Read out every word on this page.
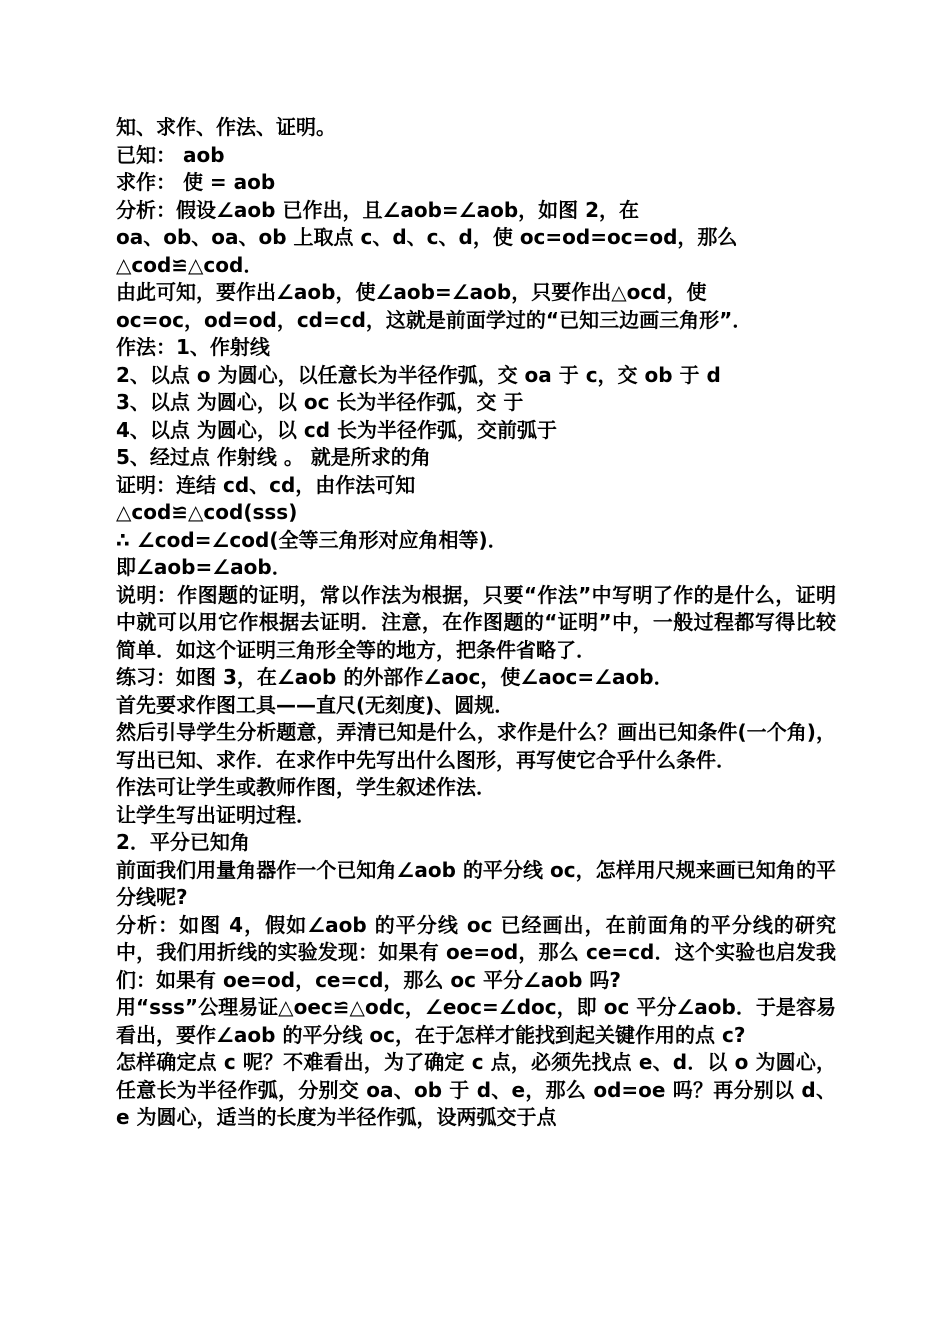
知、求作、作法、证明。
已知： aob
求作： 使 = aob
分析：假设∠aob 已作出，且∠aob=∠aob，如图 2，在
oa、ob、oa、ob 上取点 c、d、c、d，使 oc=od=oc=od，那么
△cod≌△cod．
由此可知，要作出∠aob，使∠aob=∠aob，只要作出△ocd，使
oc=oc，od=od，cd=cd，这就是前面学过的“已知三边画三角形”．
作法：1、作射线
2、以点 o 为圆心，以任意长为半径作弧，交 oa 于 c，交 ob 于 d
3、以点 为圆心，以 oc 长为半径作弧，交 于
4、以点 为圆心，以 cd 长为半径作弧，交前弧于
5、经过点 作射线 。 就是所求的角
证明：连结 cd、cd，由作法可知
△cod≌△cod(sss)
∴ ∠cod=∠cod(全等三角形对应角相等)．
即∠aob=∠aob．
说明：作图题的证明，常以作法为根据，只要“作法”中写明了作的是什么，证明中就可以用它作根据去证明．注意，在作图题的“证明”中，一般过程都写得比较简单．如这个证明三角形全等的地方，把条件省略了．
练习：如图 3，在∠aob 的外部作∠aoc，使∠aoc=∠aob．
首先要求作图工具——直尺(无刻度)、圆规．
然后引导学生分析题意，弄清已知是什么，求作是什么？画出已知条件(一个角)，写出已知、求作．在求作中先写出什么图形，再写使它合乎什么条件．
作法可让学生或教师作图，学生叙述作法．
让学生写出证明过程．
2．平分已知角
前面我们用量角器作一个已知角∠aob 的平分线 oc，怎样用尺规来画已知角的平分线呢?
分析：如图 4，假如∠aob 的平分线 oc 已经画出，在前面角的平分线的研究中，我们用折线的实验发现：如果有 oe=od，那么 ce=cd．这个实验也启发我们：如果有 oe=od，ce=cd，那么 oc 平分∠aob 吗?
用“sss”公理易证△oec≌△odc，∠eoc=∠doc，即 oc 平分∠aob．于是容易看出，要作∠aob 的平分线 oc，在于怎样才能找到起关键作用的点 c?
怎样确定点 c 呢？不难看出，为了确定 c 点，必须先找点 e、d．以 o 为圆心，任意长为半径作弧，分别交 oa、ob 于 d、e，那么 od=oe 吗？再分别以 d、e 为圆心，适当的长度为半径作弧，设两弧交于点
